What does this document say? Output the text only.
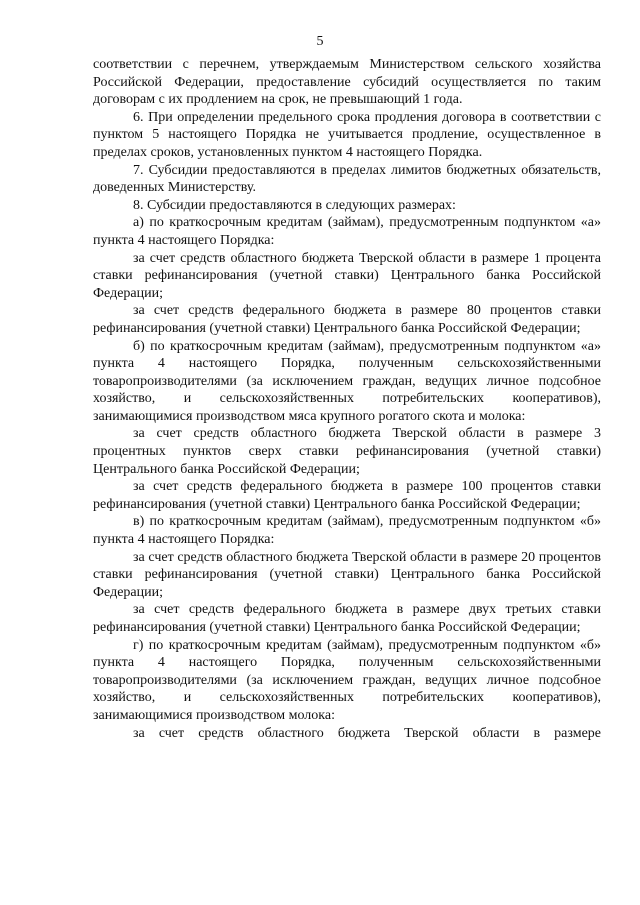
5

соответствии с перечнем, утверждаемым Министерством сельского хозяйства Российской Федерации, предоставление субсидий осуществляется по таким договорам с их продлением на срок, не превышающий 1 года.

6. При определении предельного срока продления договора в соответствии с пунктом 5 настоящего Порядка не учитывается продление, осуществленное в пределах сроков, установленных пунктом 4 настоящего Порядка.

7. Субсидии предоставляются в пределах лимитов бюджетных обязательств, доведенных Министерству.

8. Субсидии предоставляются в следующих размерах:

а) по краткосрочным кредитам (займам), предусмотренным подпунктом «а» пункта 4 настоящего Порядка:

за счет средств областного бюджета Тверской области в размере 1 процента ставки рефинансирования (учетной ставки) Центрального банка Российской Федерации;

за счет средств федерального бюджета в размере 80 процентов ставки рефинансирования (учетной ставки) Центрального банка Российской Федерации;

б) по краткосрочным кредитам (займам), предусмотренным подпунктом «а» пункта 4 настоящего Порядка, полученным сельскохозяйственными товаропроизводителями (за исключением граждан, ведущих личное подсобное хозяйство, и сельскохозяйственных потребительских кооперативов), занимающимися производством мяса крупного рогатого скота и молока:

за счет средств областного бюджета Тверской области в размере 3 процентных пунктов сверх ставки рефинансирования (учетной ставки) Центрального банка Российской Федерации;

за счет средств федерального бюджета в размере 100 процентов ставки рефинансирования (учетной ставки) Центрального банка Российской Федерации;

в) по краткосрочным кредитам (займам), предусмотренным подпунктом «б» пункта 4 настоящего Порядка:

за счет средств областного бюджета Тверской области в размере 20 процентов ставки рефинансирования (учетной ставки) Центрального банка Российской Федерации;

за счет средств федерального бюджета в размере двух третьих ставки рефинансирования (учетной ставки) Центрального банка Российской Федерации;

г) по краткосрочным кредитам (займам), предусмотренным подпунктом «б» пункта 4 настоящего Порядка, полученным сельскохозяйственными товаропроизводителями (за исключением граждан, ведущих личное подсобное хозяйство, и сельскохозяйственных потребительских кооперативов), занимающимися производством молока:

за счет средств областного бюджета Тверской области в размере
